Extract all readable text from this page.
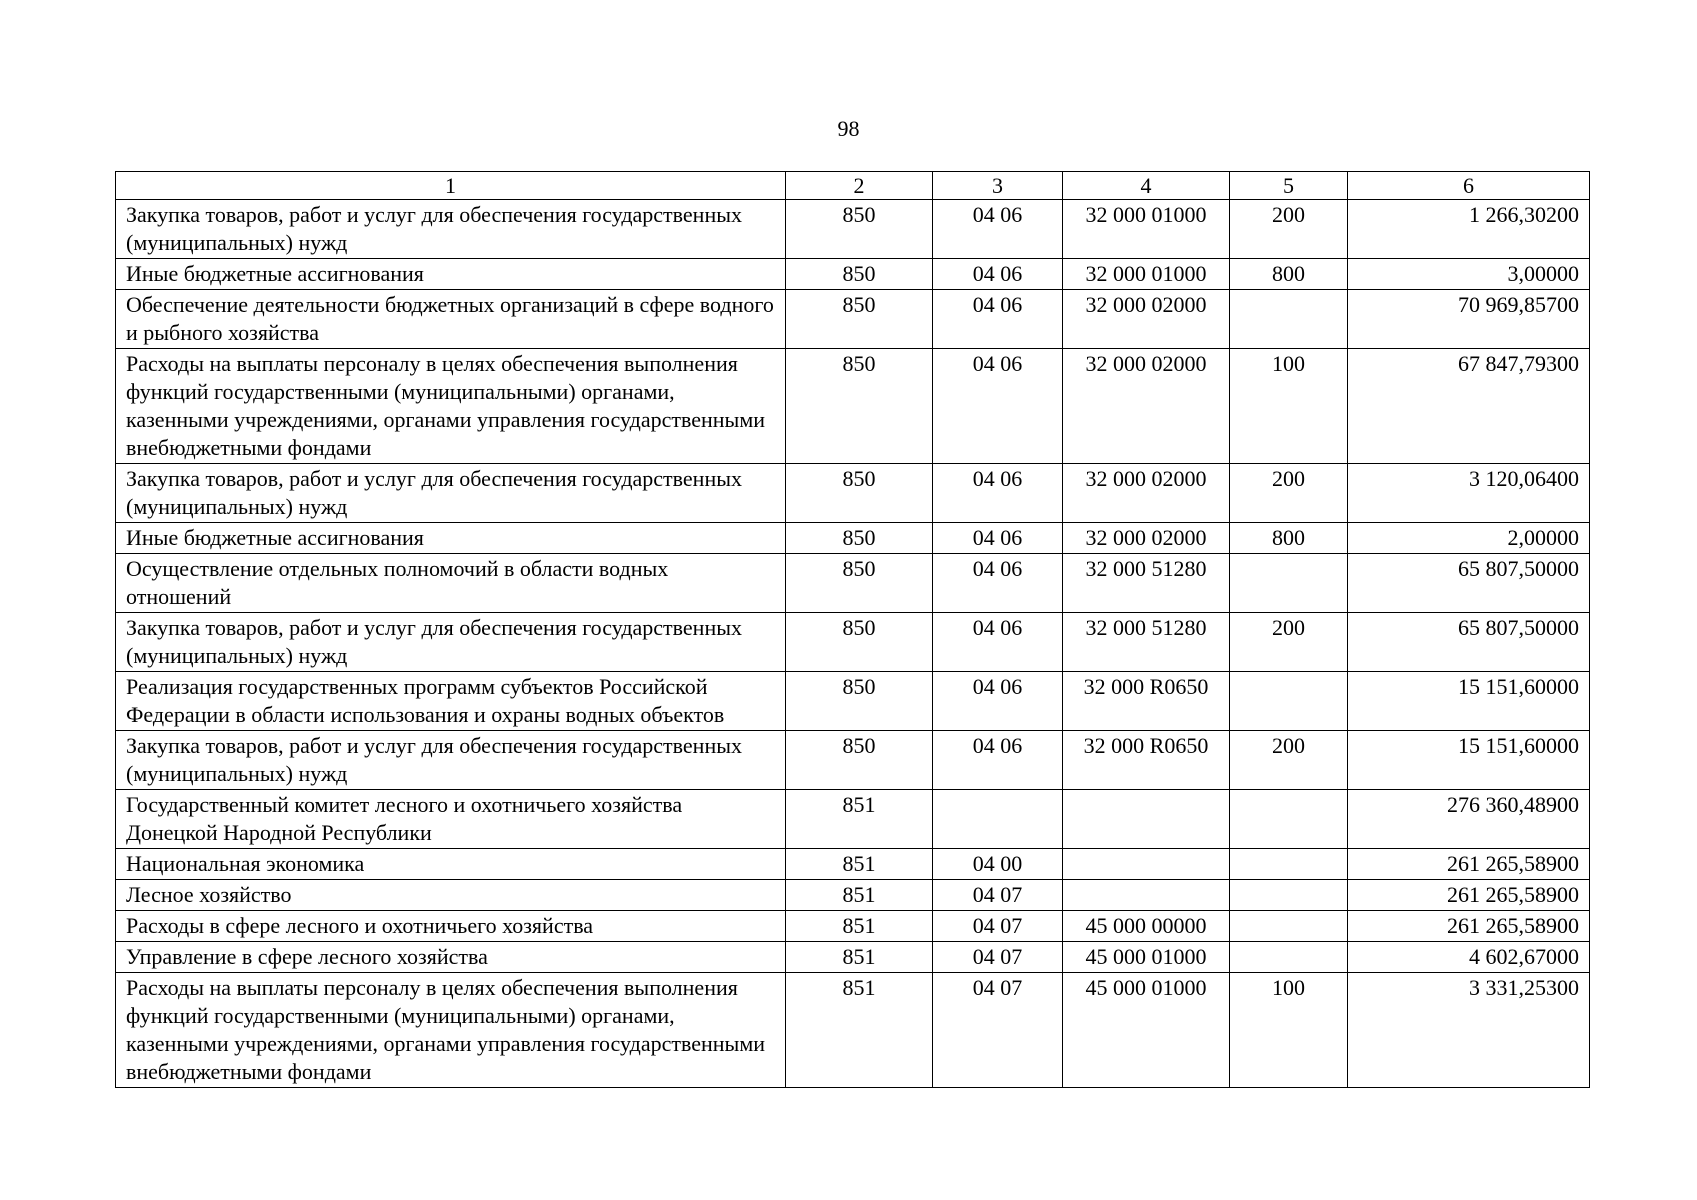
98
1	2	3	4	5	6
Закупка товаров, работ и услуг для обеспечения государственных (муниципальных) нужд	850	04 06	32 000 01000	200	1 266,30200
Иные бюджетные ассигнования	850	04 06	32 000 01000	800	3,00000
Обеспечение деятельности бюджетных организаций в сфере водного и рыбного хозяйства	850	04 06	32 000 02000		70 969,85700
Расходы на выплаты персоналу в целях обеспечения выполнения функций государственными (муниципальными) органами, казенными учреждениями, органами управления государственными внебюджетными фондами	850	04 06	32 000 02000	100	67 847,79300
Закупка товаров, работ и услуг для обеспечения государственных (муниципальных) нужд	850	04 06	32 000 02000	200	3 120,06400
Иные бюджетные ассигнования	850	04 06	32 000 02000	800	2,00000
Осуществление отдельных полномочий в области водных отношений	850	04 06	32 000 51280		65 807,50000
Закупка товаров, работ и услуг для обеспечения государственных (муниципальных) нужд	850	04 06	32 000 51280	200	65 807,50000
Реализация государственных программ субъектов Российской Федерации в области использования и охраны водных объектов	850	04 06	32 000 R0650		15 151,60000
Закупка товаров, работ и услуг для обеспечения государственных (муниципальных) нужд	850	04 06	32 000 R0650	200	15 151,60000
Государственный комитет лесного и охотничьего хозяйства Донецкой Народной Республики	851				276 360,48900
Национальная экономика	851	04 00			261 265,58900
Лесное хозяйство	851	04 07			261 265,58900
Расходы в сфере лесного и охотничьего хозяйства	851	04 07	45 000 00000		261 265,58900
Управление в сфере лесного хозяйства	851	04 07	45 000 01000		4 602,67000
Расходы на выплаты персоналу в целях обеспечения выполнения функций государственными (муниципальными) органами, казенными учреждениями, органами управления государственными внебюджетными фондами	851	04 07	45 000 01000	100	3 331,25300
